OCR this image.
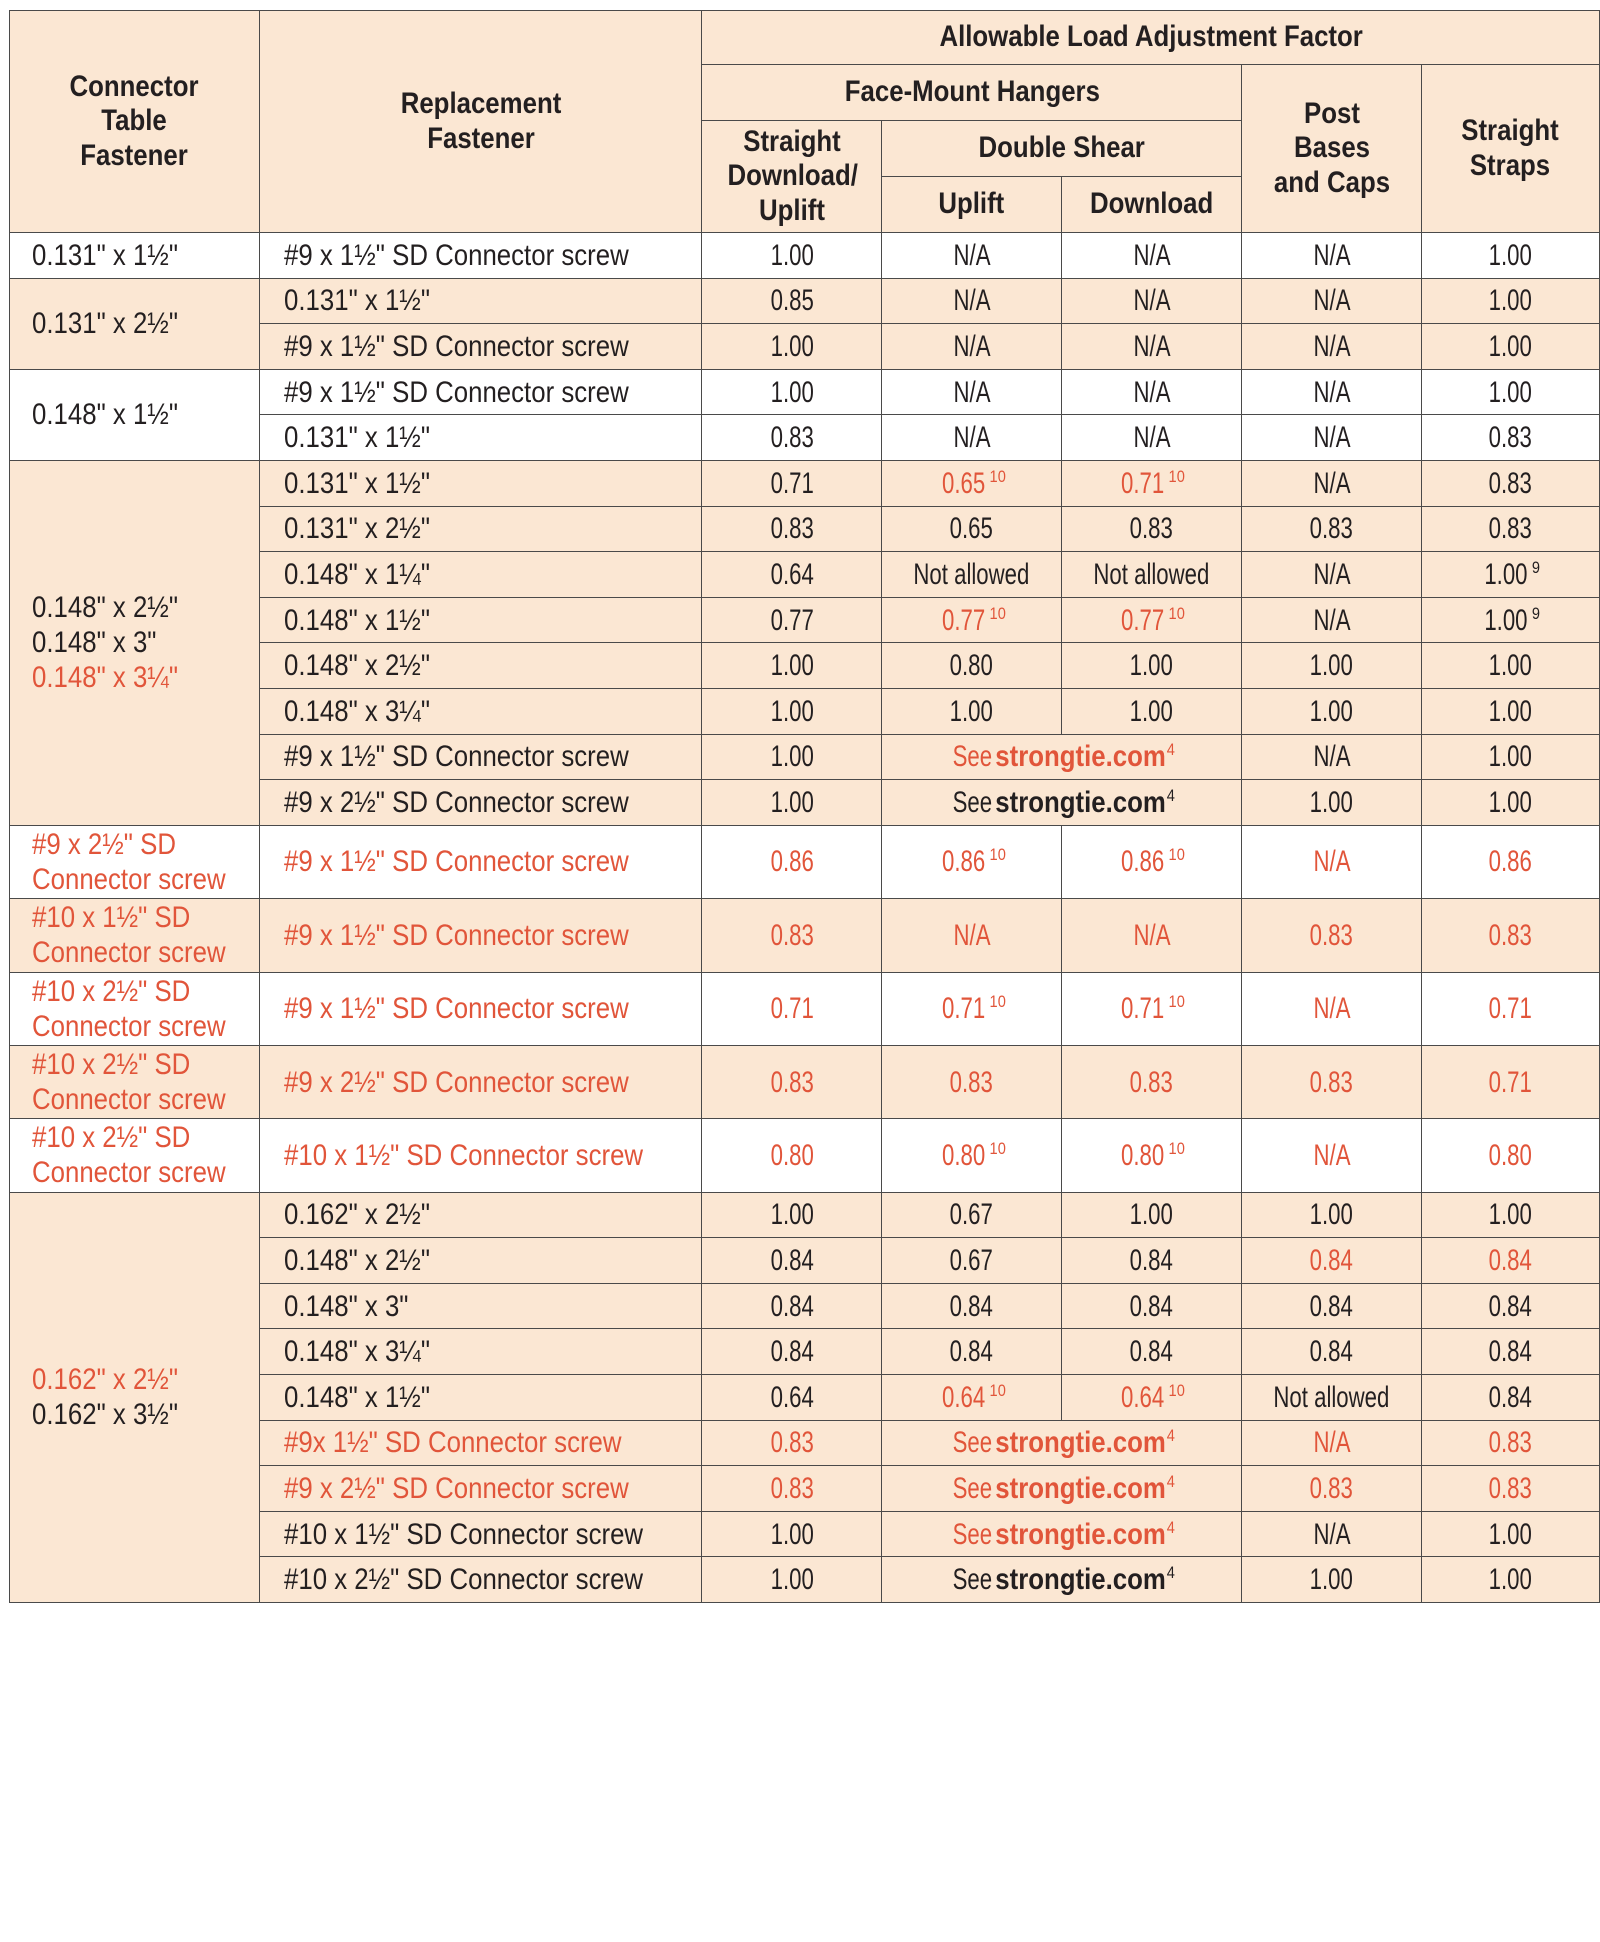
Connector Table Fastener	Replacement Fastener	Allowable Load Adjustment Factor				
		Face-Mount Hangers			Post Bases and Caps	Straight Straps
		Straight Download/ Uplift	Double Shear			
			Uplift	Download		

0.131" x 1½"	#9 x 1½" SD Connector screw	1.00	N/A	N/A	N/A	1.00

0.131" x 2½"	0.131" x 1½"	0.85	N/A	N/A	N/A	1.00
	#9 x 1½" SD Connector screw	1.00	N/A	N/A	N/A	1.00

0.148" x 1½"	#9 x 1½" SD Connector screw	1.00	N/A	N/A	N/A	1.00
	0.131" x 1½"	0.83	N/A	N/A	N/A	0.83

0.148" x 2½"
0.148" x 3"
0.148" x 3¼"	0.131" x 1½"	0.71	0.65 $^{10}$	0.71 $^{10}$	N/A	0.83
	0.131" x 2½"	0.83	0.65	0.83	0.83	0.83
	0.148" x 1¼"	0.64	Not allowed	Not allowed	N/A	1.00 $^9$
	0.148" x 1½"	0.77	0.77 $^{10}$	0.77 $^{10}$	N/A	1.00 $^9$
	0.148" x 2½"	1.00	0.80	1.00	1.00	1.00
	0.148" x 3¼"	1.00	1.00	1.00	1.00	1.00
	#9 x 1½" SD Connector screw	1.00	Seestrongtie.com$^4$		N/A	1.00
	#9 x 2½" SD Connector screw	1.00	Seestrongtie.com$^4$		1.00	1.00

#9 x 2½" SD
Connector screw	#9 x 1½" SD Connector screw	0.86	0.86 $^{10}$	0.86 $^{10}$	N/A	0.86

#10 x 1½" SD
Connector screw	#9 x 1½" SD Connector screw	0.83	N/A	N/A	0.83	0.83

#10 x 2½" SD
Connector screw	#9 x 1½" SD Connector screw	0.71	0.71 $^{10}$	0.71 $^{10}$	N/A	0.71

#10 x 2½" SD
Connector screw	#9 x 2½" SD Connector screw	0.83	0.83	0.83	0.83	0.71

#10 x 2½" SD
Connector screw	#10 x 1½" SD Connector screw	0.80	0.80 $^{10}$	0.80 $^{10}$	N/A	0.80

0.162" x 2½"
0.162" x 3½"	0.162" x 2½"	1.00	0.67	1.00	1.00	1.00
	0.148" x 2½"	0.84	0.67	0.84	0.84	0.84
	0.148" x 3"	0.84	0.84	0.84	0.84	0.84
	0.148" x 3¼"	0.84	0.84	0.84	0.84	0.84
	0.148" x 1½"	0.64	0.64 $^{10}$	0.64 $^{10}$	Not allowed	0.84
	#9x 1½" SD Connector screw	0.83	Seestrongtie.com$^4$		N/A	0.83
	#9 x 2½" SD Connector screw	0.83	Seestrongtie.com$^4$		0.83	0.83
	#10 x 1½" SD Connector screw	1.00	Seestrongtie.com$^4$		N/A	1.00
	#10 x 2½" SD Connector screw	1.00	Seestrongtie.com$^4$		1.00	1.00
